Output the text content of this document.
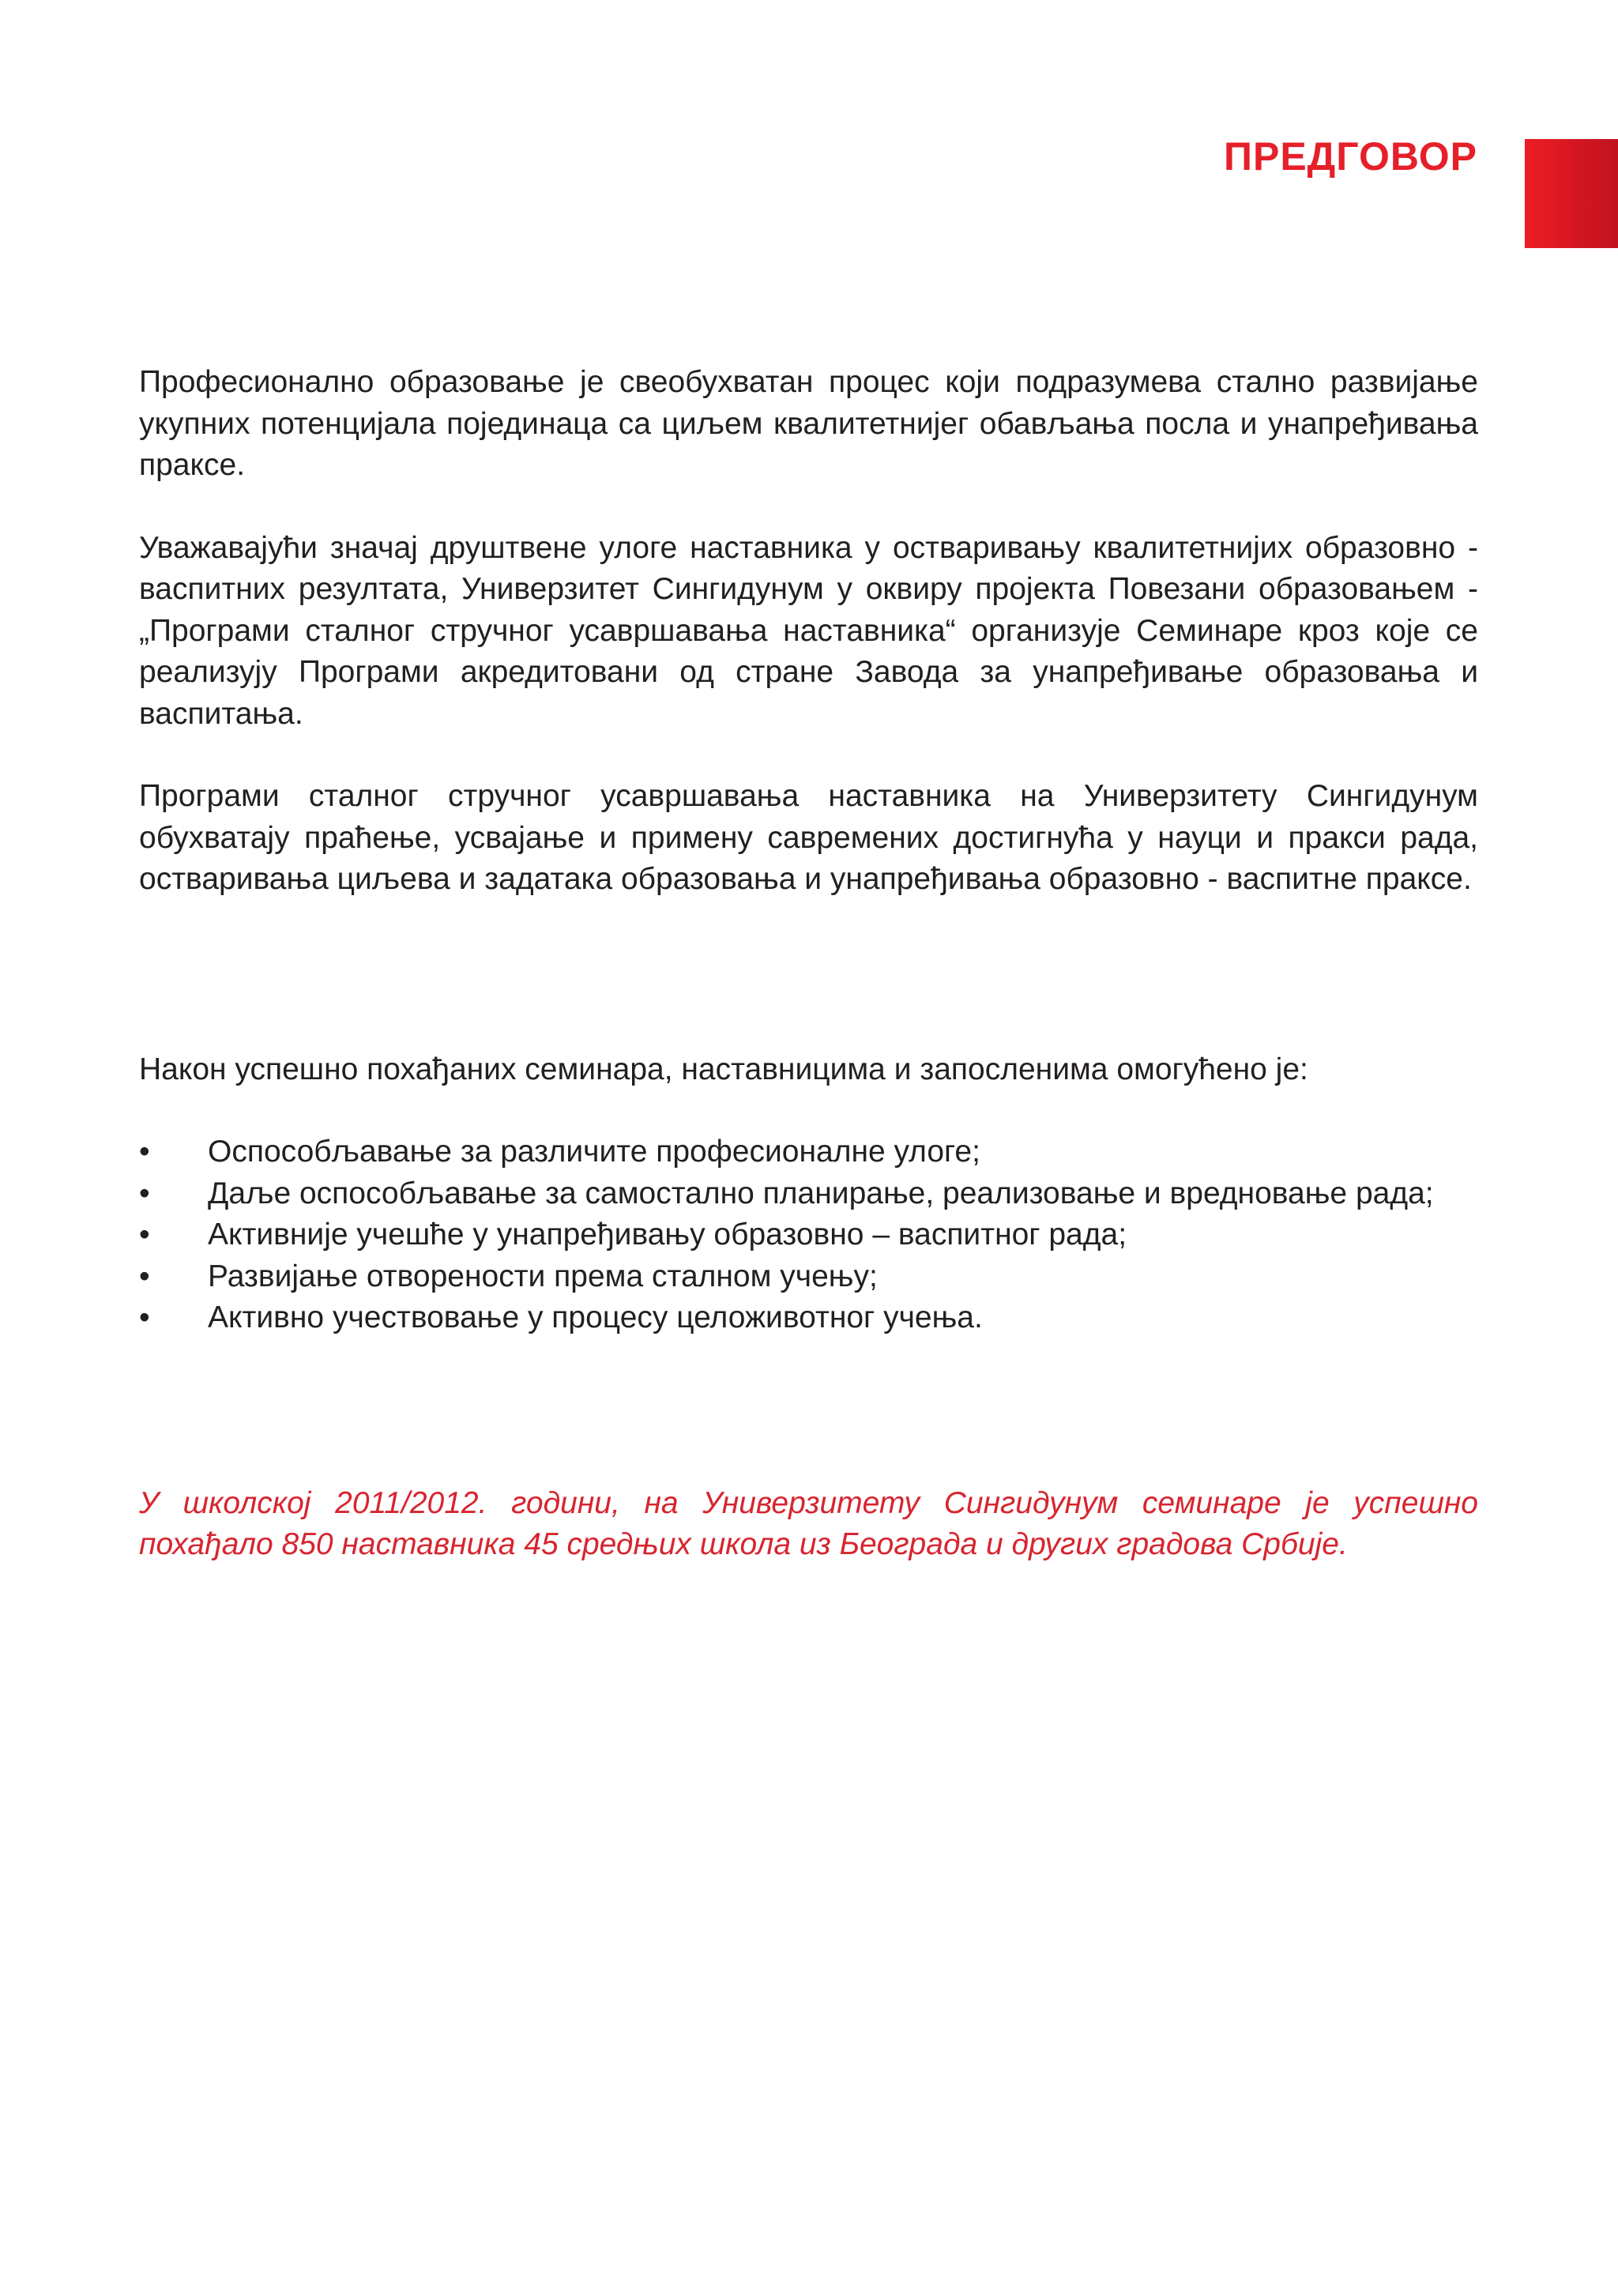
ПРЕДГОВОР

Професионално образовање је свеобухватан процес који подразумева стално развијање укупних потенцијала појединаца са циљем квалитетнијег обављања посла и унапређивања праксе.

Уважавајући значај друштвене улоге наставника у остваривању квалитетнијих образовно - васпитних резултата, Универзитет Сингидунум у оквиру пројекта Повезани образовањем - „Програми сталног стручног усавршавања наставника“ организује Семинаре кроз које се реализују Програми акредитовани од стране Завода за унапређивање образовања и васпитања.

Програми сталног стручног усавршавања наставника на Универзитету Сингидунум обухватају праћење, усвајање и примену савремених достигнућа у науци и пракси рада, остваривања циљева и задатака образовања и унапређивања образовно - васпитне праксе.

Након успешно похађаних семинара, наставницима и запосленима омогућено је:

• Оспособљавање за различите професионалне улоге;
• Даље оспособљавање за самостално планирање, реализовање и вредновање рада;
• Активније учешће у унапређивању образовно – васпитног рада;
• Развијање отворености према сталном учењу;
• Активно учествовање у процесу целоживотног учења.

У школској 2011/2012. години, на Универзитету Сингидунум семинаре је успешно похађало 850 наставника 45 средњих школа из Београда и других градова Србије.
